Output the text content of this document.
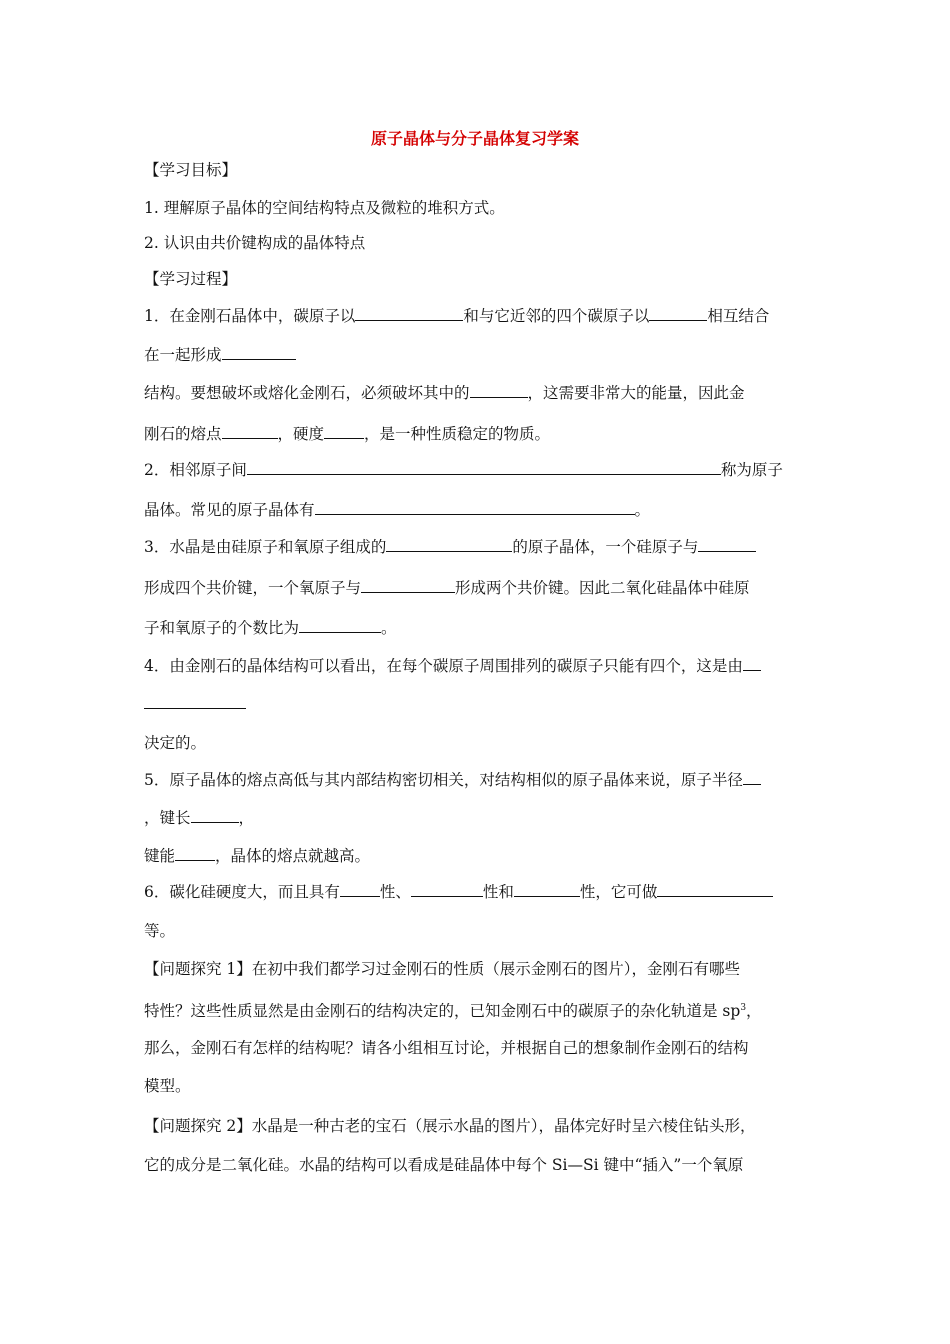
原子晶体与分子晶体复习学案
【学习目标】
1. 理解原子晶体的空间结构特点及微粒的堆积方式。
2. 认识由共价键构成的晶体特点
【学习过程】
1．在金刚石晶体中，碳原子以	和与它近邻的四个碳原子以	相互结合
在一起形成
结构。要想破坏或熔化金刚石，必须破坏其中的	，这需要非常大的能量，因此金
刚石的熔点	，硬度	，是一种性质稳定的物质。
2．相邻原子间	称为原子
晶体。常见的原子晶体有	。
3．水晶是由硅原子和氧原子组成的	的原子晶体，一个硅原子与
形成四个共价键，一个氧原子与	形成两个共价键。因此二氧化硅晶体中硅原
子和氧原子的个数比为	。
4．由金刚石的晶体结构可以看出，在每个碳原子周围排列的碳原子只能有四个，这是由
决定的。
5．原子晶体的熔点高低与其内部结构密切相关，对结构相似的原子晶体来说，原子半径
，键长	，
键能	，晶体的熔点就越高。
6．碳化硅硬度大，而且具有	性、	性和	性，它可做
等。
【问题探究 1】在初中我们都学习过金刚石的性质（展示金刚石的图片），金刚石有哪些
特性？这些性质显然是由金刚石的结构决定的，已知金刚石中的碳原子的杂化轨道是 $sp^3$，
那么，金刚石有怎样的结构呢？请各小组相互讨论，并根据自己的想象制作金刚石的结构
模型。
【问题探究 2】水晶是一种古老的宝石（展示水晶的图片），晶体完好时呈六棱住钻头形，
它的成分是二氧化硅。水晶的结构可以看成是硅晶体中每个 Si—Si 键中“插入”一个氧原
